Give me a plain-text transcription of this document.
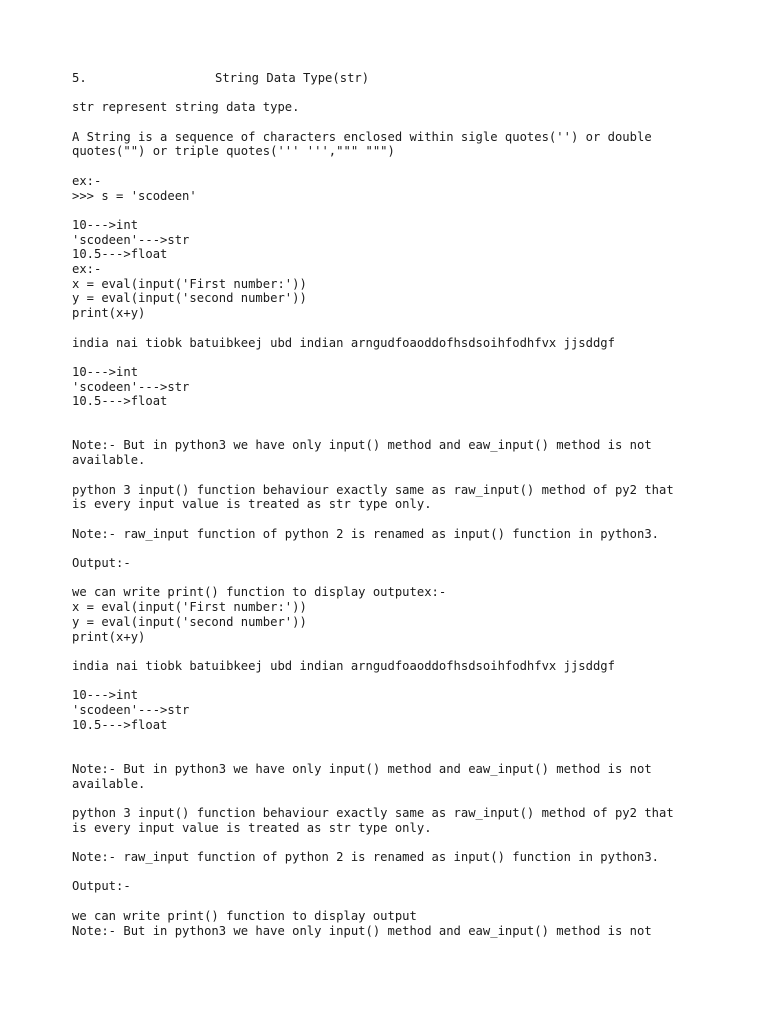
5.	String Data Type(str)
str represent string data type.
A String is a sequence of characters enclosed within sigle quotes('') or double
quotes("") or triple quotes(''' ''',""" """)
ex:-
>>> s = 'scodeen'
10--->int
'scodeen'--->str
10.5--->float
ex:-
x = eval(input('First number:'))
y = eval(input('second number'))
print(x+y)
india nai tiobk batuibkeej ubd indian arngudfoaoddofhsdsoihfodhfvx jjsddgf
10--->int
'scodeen'--->str
10.5--->float
Note:- But in python3 we have only input() method and eaw_input() method is not
available.
python 3 input() function behaviour exactly same as raw_input() method of py2 that
is every input value is treated as str type only.
Note:- raw_input function of python 2 is renamed as input() function in python3.
Output:-
we can write print() function to display outputex:-
x = eval(input('First number:'))
y = eval(input('second number'))
print(x+y)
india nai tiobk batuibkeej ubd indian arngudfoaoddofhsdsoihfodhfvx jjsddgf
10--->int
'scodeen'--->str
10.5--->float
Note:- But in python3 we have only input() method and eaw_input() method is not
available.
python 3 input() function behaviour exactly same as raw_input() method of py2 that
is every input value is treated as str type only.
Note:- raw_input function of python 2 is renamed as input() function in python3.
Output:-
we can write print() function to display output
Note:- But in python3 we have only input() method and eaw_input() method is not
